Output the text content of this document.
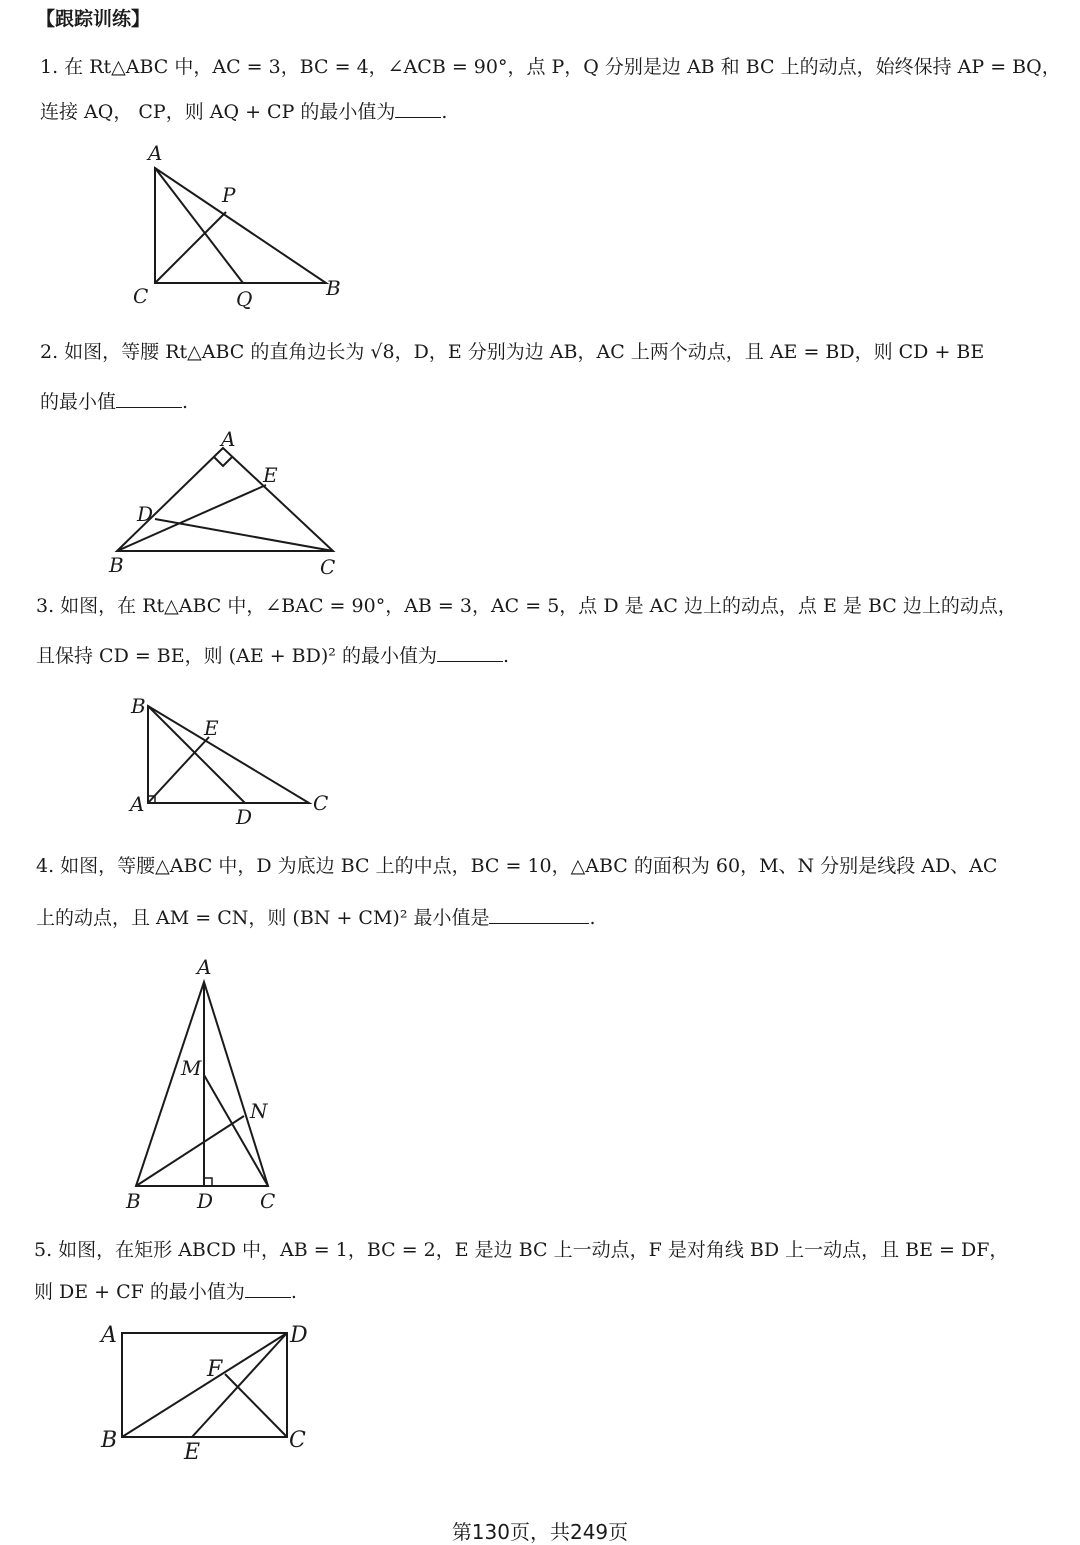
【跟踪训练】
1. 在 Rt△ABC 中，AC = 3，BC = 4，∠ACB = 90°，点 P，Q 分别是边 AB 和 BC 上的动点，始终保持 AP = BQ，
连接 AQ， CP，则 AQ + CP 的最小值为 .
A
P
C	Q	B
2. 如图，等腰 Rt△ABC 的直角边长为 √8，D，E 分别为边 AB，AC 上两个动点，且 AE = BD，则 CD + BE
的最小值	.
A
E
D
B	C
3. 如图，在 Rt△ABC 中，∠BAC = 90°，AB = 3，AC = 5，点 D 是 AC 边上的动点，点 E 是 BC 边上的动点，
且保持 CD = BE，则 (AE + BD)² 的最小值为	.
B
E
A
D
C
4. 如图，等腰△ABC 中，D 为底边 BC 上的中点，BC = 10，△ABC 的面积为 60，M、N 分别是线段 AD、AC
上的动点，且 AM = CN，则 (BN + CM)² 最小值是	.
A
M
N
B	D C
5. 如图，在矩形 ABCD 中，AB = 1，BC = 2，E 是边 BC 上一动点，F 是对角线 BD 上一动点，且 BE = DF，
则 DE + CF 的最小值为 .
A	D
F
B	E	C
第130页，共249页
